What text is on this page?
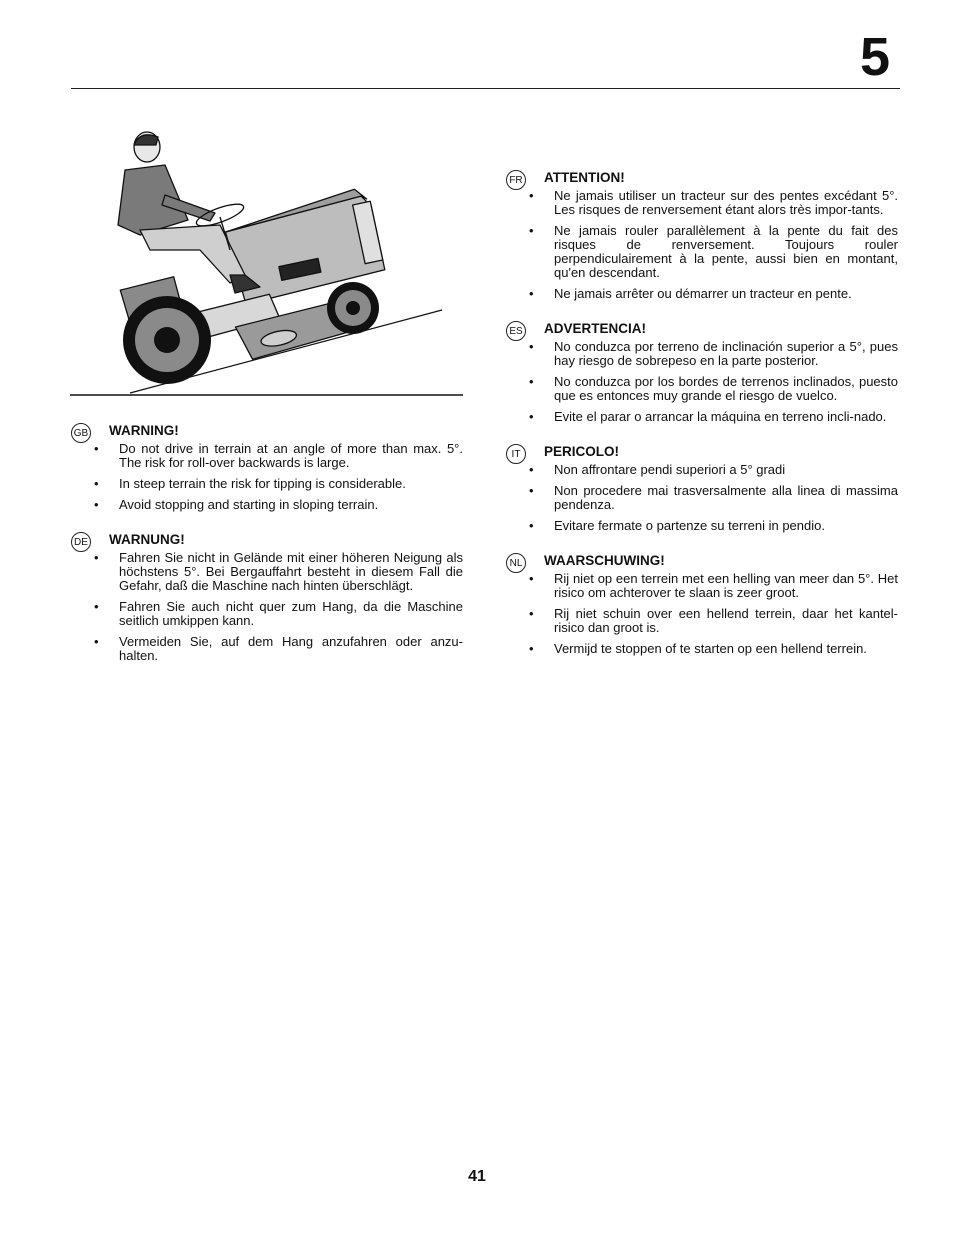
5
GB WARNING!
• Do not drive in terrain at an angle of more than max. 5°. The risk for roll-over backwards is large.
• In steep terrain the risk for tipping is considerable.
• Avoid stopping and starting in sloping terrain.
DE WARNUNG!
• Fahren Sie nicht in Gelände mit einer höheren Neigung als höchstens 5°. Bei Bergauffahrt besteht in diesem Fall die Gefahr, daß die Maschine nach hinten überschlägt.
• Fahren Sie auch nicht quer zum Hang, da die Maschine seitlich umkippen kann.
• Vermeiden Sie, auf dem Hang anzufahren oder anzu-halten.
FR ATTENTION!
• Ne jamais utiliser un tracteur sur des pentes excédant 5°. Les risques de renversement étant alors très impor-tants.
• Ne jamais rouler parallèlement à la pente du fait des risques de renversement. Toujours rouler perpendiculairement à la pente, aussi bien en montant, qu'en descendant.
• Ne jamais arrêter ou démarrer un tracteur en pente.
ES ADVERTENCIA!
• No conduzca por terreno de inclinación superior a 5°, pues hay riesgo de sobrepeso en la parte posterior.
• No conduzca por los bordes de terrenos inclinados, puesto que es entonces muy grande el riesgo de vuelco.
• Evite el parar o arrancar la máquina en terreno incli-nado.
IT	PERICOLO!
• Non affrontare pendi superiori a 5° gradi
• Non procedere mai trasversalmente alla linea di massima pendenza.
• Evitare fermate o partenze su terreni in pendio.
NL WAARSCHUWING!
• Rij niet op een terrein met een helling van meer dan 5°. Het risico om achterover te slaan is zeer groot.
• Rij niet schuin over een hellend terrein, daar het kantel-risico dan groot is.
• Vermijd te stoppen of te starten op een hellend terrein.
41
